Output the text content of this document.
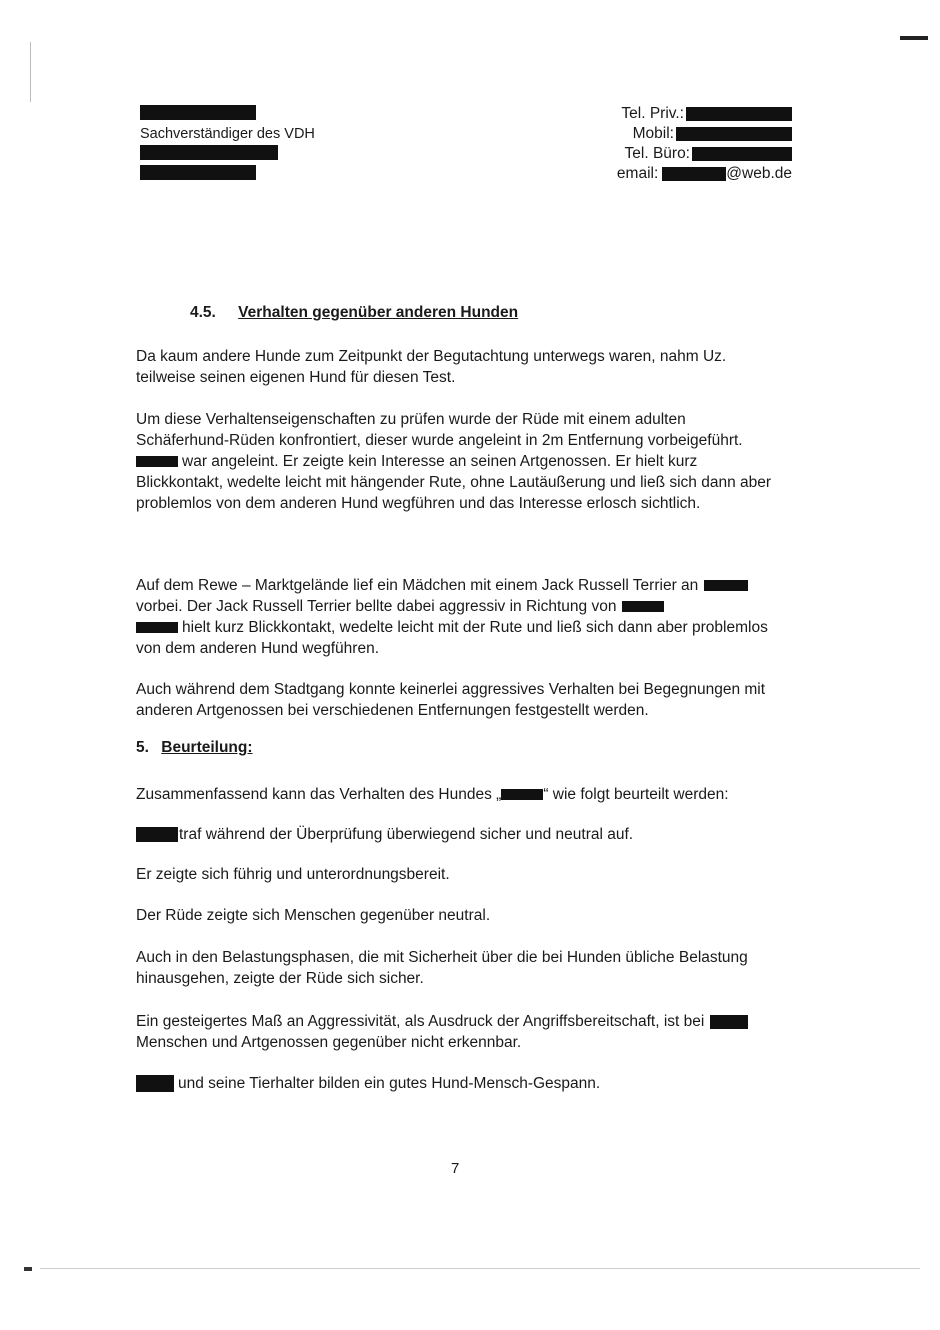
Sachverständiger des VDH
Tel. Priv.:
Mobil:
Tel. Büro:
email:	@web.de
4.5. Verhalten gegenüber anderen Hunden
Da kaum andere Hunde zum Zeitpunkt der Begutachtung unterwegs waren, nahm Uz.
teilweise seinen eigenen Hund für diesen Test.
Um diese Verhaltenseigenschaften zu prüfen wurde der Rüde mit einem adulten
Schäferhund-Rüden konfrontiert, dieser wurde angeleint in 2m Entfernung vorbeigeführt.
war angeleint. Er zeigte kein Interesse an seinen Artgenossen. Er hielt kurz
Blickkontakt, wedelte leicht mit hängender Rute, ohne Lautäußerung und ließ sich dann aber
problemlos von dem anderen Hund wegführen und das Interesse erlosch sichtlich.
Auf dem Rewe – Marktgelände lief ein Mädchen mit einem Jack Russell Terrier an
vorbei. Der Jack Russell Terrier bellte dabei aggressiv in Richtung von
hielt kurz Blickkontakt, wedelte leicht mit der Rute und ließ sich dann aber problemlos
von dem anderen Hund wegführen.
Auch während dem Stadtgang konnte keinerlei aggressives Verhalten bei Begegnungen mit
anderen Artgenossen bei verschiedenen Entfernungen festgestellt werden.
5. Beurteilung:
Zusammenfassend kann das Verhalten des Hundes „	“ wie folgt beurteilt werden:
traf während der Überprüfung überwiegend sicher und neutral auf.
Er zeigte sich führig und unterordnungsbereit.
Der Rüde zeigte sich Menschen gegenüber neutral.
Auch in den Belastungsphasen, die mit Sicherheit über die bei Hunden übliche Belastung
hinausgehen, zeigte der Rüde sich sicher.
Ein gesteigertes Maß an Aggressivität, als Ausdruck der Angriffsbereitschaft, ist bei
Menschen und Artgenossen gegenüber nicht erkennbar.
und seine Tierhalter bilden ein gutes Hund-Mensch-Gespann.
7
